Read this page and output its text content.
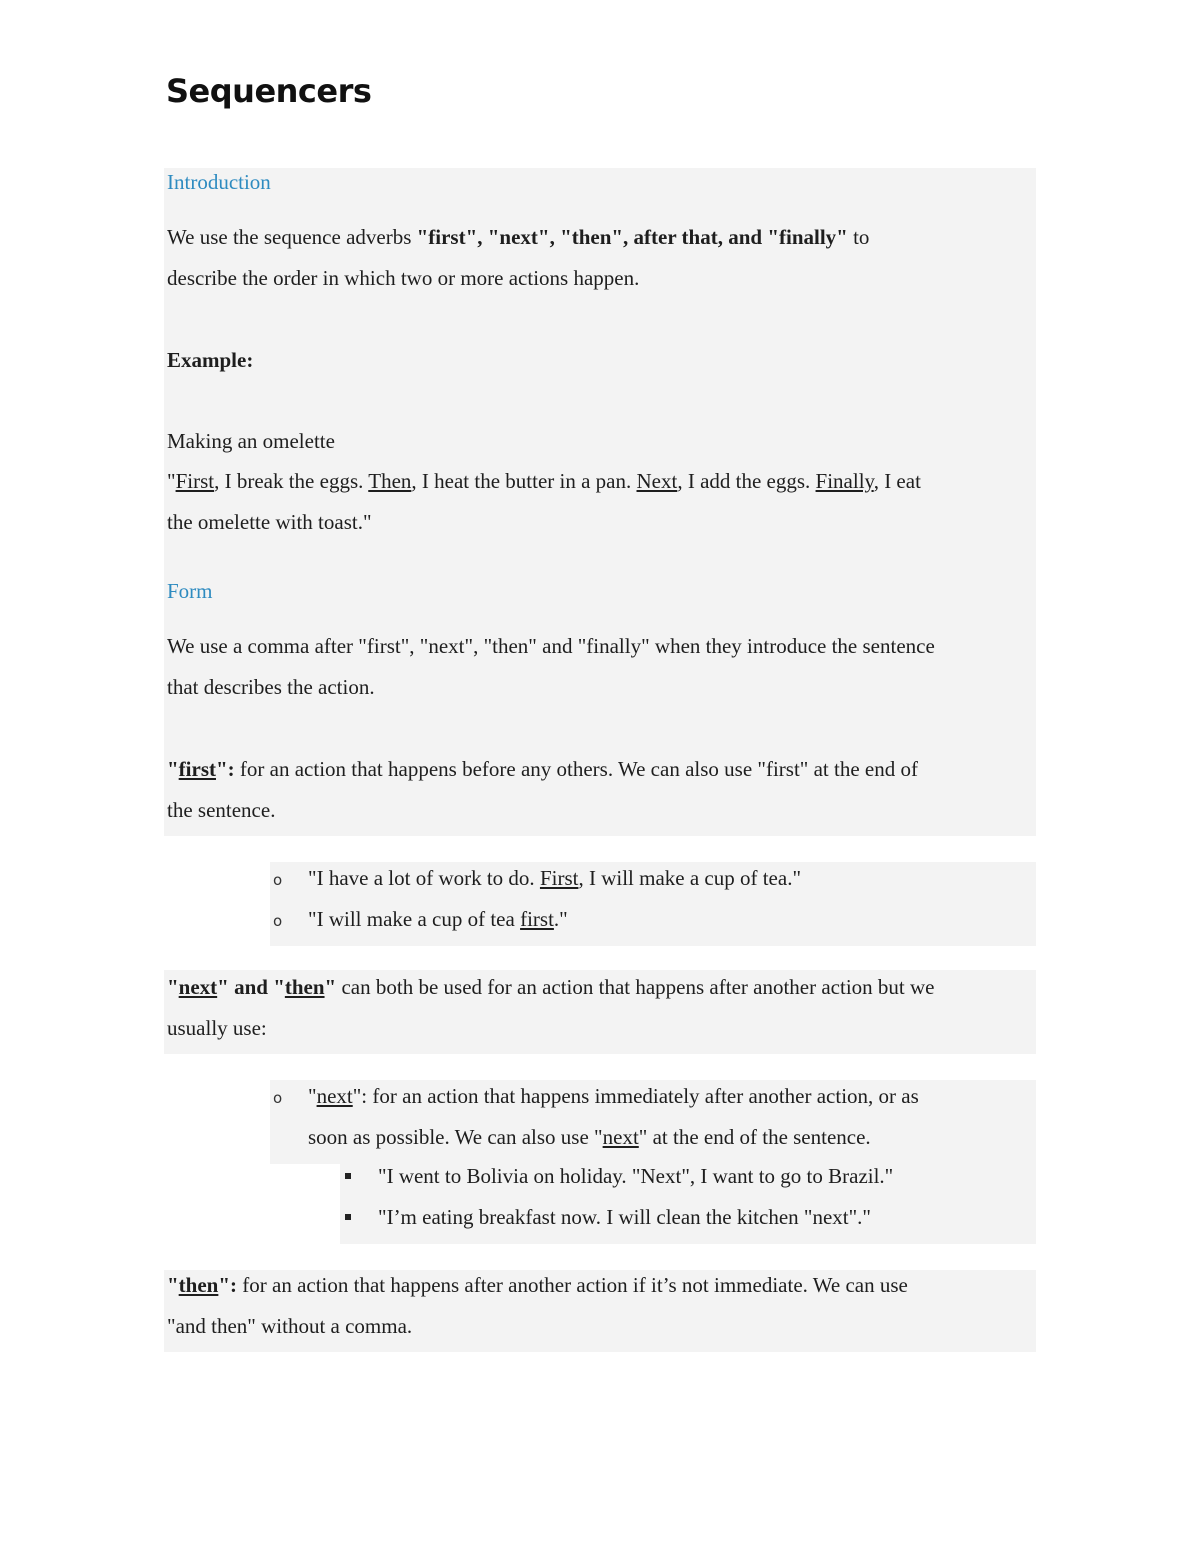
Sequencers
Introduction
We use the sequence adverbs "first", "next", "then", after that, and "finally" to
describe the order in which two or more actions happen.
Example:
Making an omelette
"First, I break the eggs. Then, I heat the butter in a pan. Next, I add the eggs. Finally, I eat
the omelette with toast."
Form
We use a comma after "first", "next", "then" and "finally" when they introduce the sentence
that describes the action.
"first": for an action that happens before any others. We can also use "first" at the end of
the sentence.
o "I have a lot of work to do. First, I will make a cup of tea."
o "I will make a cup of tea first."
"next" and "then" can both be used for an action that happens after another action but we
usually use:
o "next": for an action that happens immediately after another action, or as
soon as possible. We can also use "next" at the end of the sentence.
"I went to Bolivia on holiday. "Next", I want to go to Brazil."
"I’m eating breakfast now. I will clean the kitchen "next"."
"then": for an action that happens after another action if it’s not immediate. We can use
"and then" without a comma.
